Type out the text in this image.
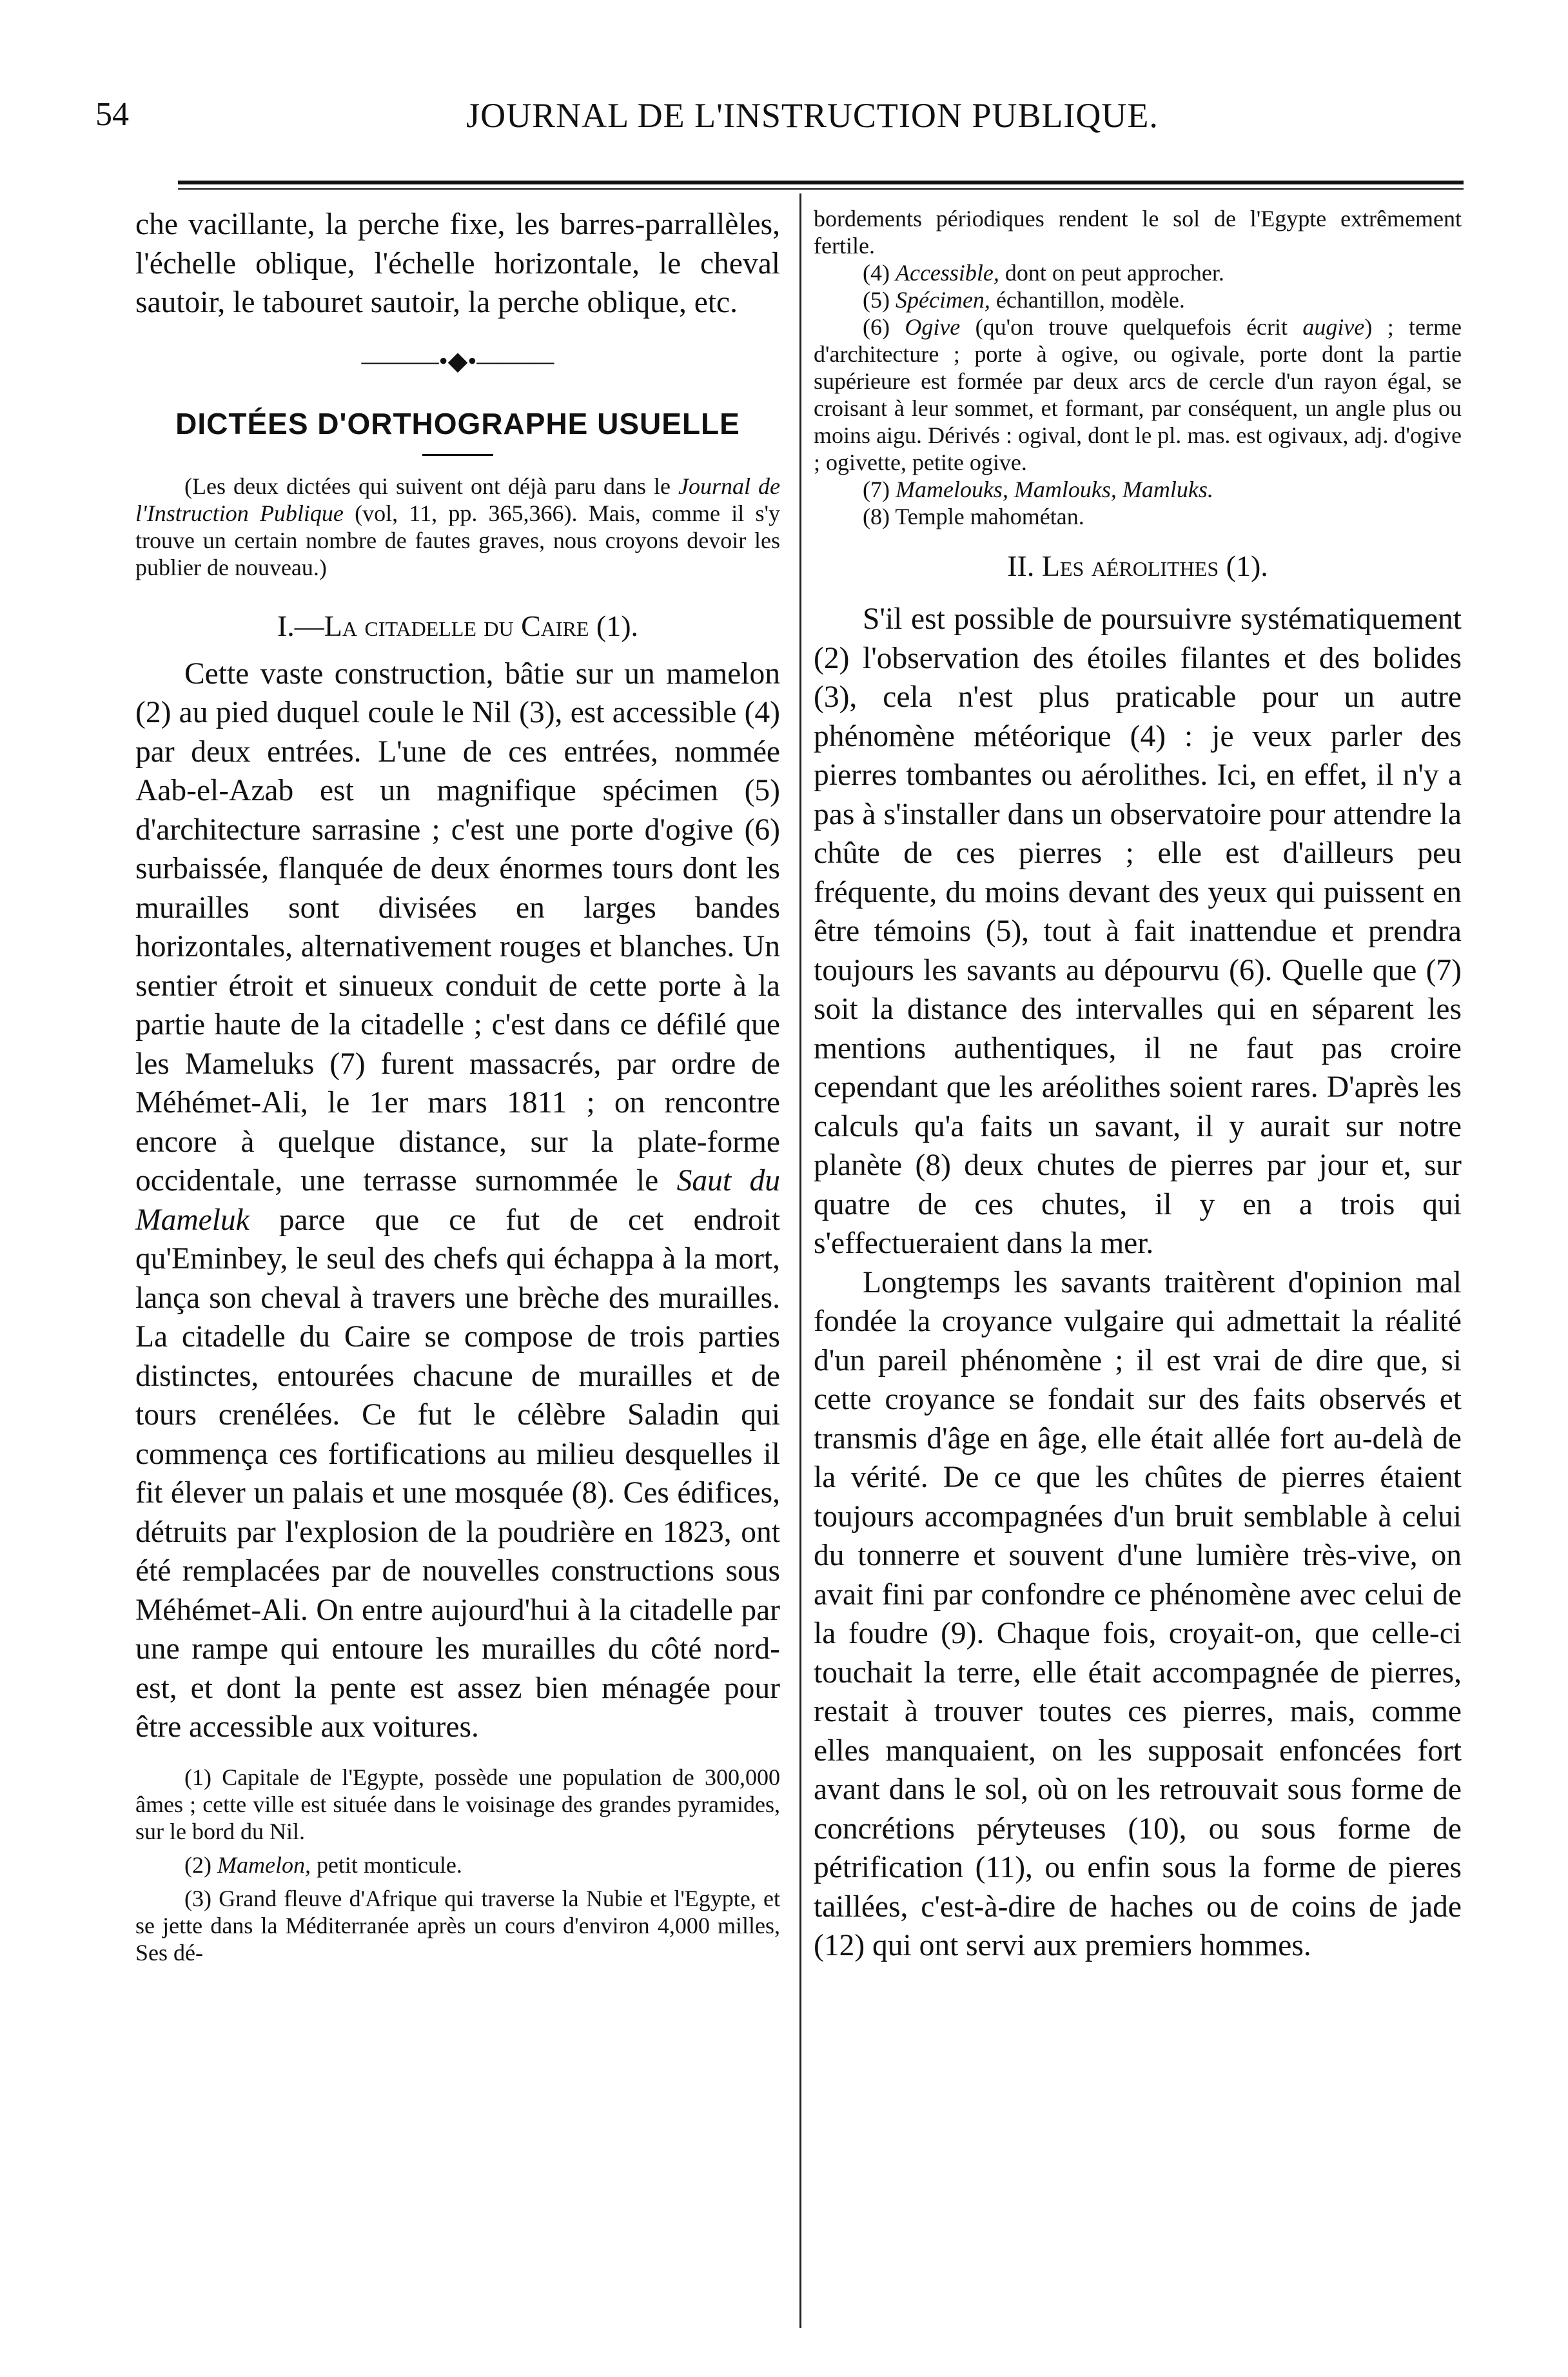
54	JOURNAL DE L'INSTRUCTION PUBLIQUE.

che vacillante, la perche fixe, les barres-parrallèles, l'échelle oblique, l'échelle horizontale, le cheval sautoir, le tabouret sautoir, la perche oblique, etc.

———•◆•———

DICTÉES D'ORTHOGRAPHE USUELLE

(Les deux dictées qui suivent ont déjà paru dans le Journal de l'Instruction Publique (vol, 11, pp. 365,366). Mais, comme il s'y trouve un certain nombre de fautes graves, nous croyons devoir les publier de nouveau.)

I.—La citadelle du Caire (1).

Cette vaste construction, bâtie sur un mamelon (2) au pied duquel coule le Nil (3), est accessible (4) par deux entrées. L'une de ces entrées, nommée Aab-el-Azab est un magnifique spécimen (5) d'architecture sarrasine ; c'est une porte d'ogive (6) surbaissée, flanquée de deux énormes tours dont les murailles sont divisées en larges bandes horizontales, alternativement rouges et blanches. Un sentier étroit et sinueux conduit de cette porte à la partie haute de la citadelle ; c'est dans ce défilé que les Mameluks (7) furent massacrés, par ordre de Méhémet-Ali, le 1er mars 1811 ; on rencontre encore à quelque distance, sur la plate-forme occidentale, une terrasse surnommée le Saut du Mameluk parce que ce fut de cet endroit qu'Eminbey, le seul des chefs qui échappa à la mort, lança son cheval à travers une brèche des murailles. La citadelle du Caire se compose de trois parties distinctes, entourées chacune de murailles et de tours crenélées. Ce fut le célèbre Saladin qui commença ces fortifications au milieu desquelles il fit élever un palais et une mosquée (8). Ces édifices, détruits par l'explosion de la poudrière en 1823, ont été remplacées par de nouvelles constructions sous Méhémet-Ali. On entre aujourd'hui à la citadelle par une rampe qui entoure les murailles du côté nord-est, et dont la pente est assez bien ménagée pour être accessible aux voitures.

(1) Capitale de l'Egypte, possède une population de 300,000 âmes ; cette ville est située dans le voisinage des grandes pyramides, sur le bord du Nil.

(2) Mamelon, petit monticule.

(3) Grand fleuve d'Afrique qui traverse la Nubie et l'Egypte, et se jette dans la Méditerranée après un cours d'environ 4,000 milles, Ses dé-

bordements périodiques rendent le sol de l'Egypte extrêmement fertile.

(4) Accessible, dont on peut approcher.

(5) Spécimen, échantillon, modèle.

(6) Ogive (qu'on trouve quelquefois écrit augive) ; terme d'architecture ; porte à ogive, ou ogivale, porte dont la partie supérieure est formée par deux arcs de cercle d'un rayon égal, se croisant à leur sommet, et formant, par conséquent, un angle plus ou moins aigu. Dérivés : ogival, dont le pl. mas. est ogivaux, adj. d'ogive ; ogivette, petite ogive.

(7) Mamelouks, Mamlouks, Mamluks.

(8) Temple mahométan.

II. Les aérolithes (1).

S'il est possible de poursuivre systématiquement (2) l'observation des étoiles filantes et des bolides (3), cela n'est plus praticable pour un autre phénomène météorique (4) : je veux parler des pierres tombantes ou aérolithes. Ici, en effet, il n'y a pas à s'installer dans un observatoire pour attendre la chûte de ces pierres ; elle est d'ailleurs peu fréquente, du moins devant des yeux qui puissent en être témoins (5), tout à fait inattendue et prendra toujours les savants au dépourvu (6). Quelle que (7) soit la distance des intervalles qui en séparent les mentions authentiques, il ne faut pas croire cependant que les aréolithes soient rares. D'après les calculs qu'a faits un savant, il y aurait sur notre planète (8) deux chutes de pierres par jour et, sur quatre de ces chutes, il y en a trois qui s'effectueraient dans la mer.

Longtemps les savants traitèrent d'opinion mal fondée la croyance vulgaire qui admettait la réalité d'un pareil phénomène ; il est vrai de dire que, si cette croyance se fondait sur des faits observés et transmis d'âge en âge, elle était allée fort au-delà de la vérité. De ce que les chûtes de pierres étaient toujours accompagnées d'un bruit semblable à celui du tonnerre et souvent d'une lumière très-vive, on avait fini par confondre ce phénomène avec celui de la foudre (9). Chaque fois, croyait-on, que celle-ci touchait la terre, elle était accompagnée de pierres, restait à trouver toutes ces pierres, mais, comme elles manquaient, on les supposait enfoncées fort avant dans le sol, où on les retrouvait sous forme de concrétions péryteuses (10), ou sous forme de pétrification (11), ou enfin sous la forme de pieres taillées, c'est-à-dire de haches ou de coins de jade (12) qui ont servi aux premiers hommes.
